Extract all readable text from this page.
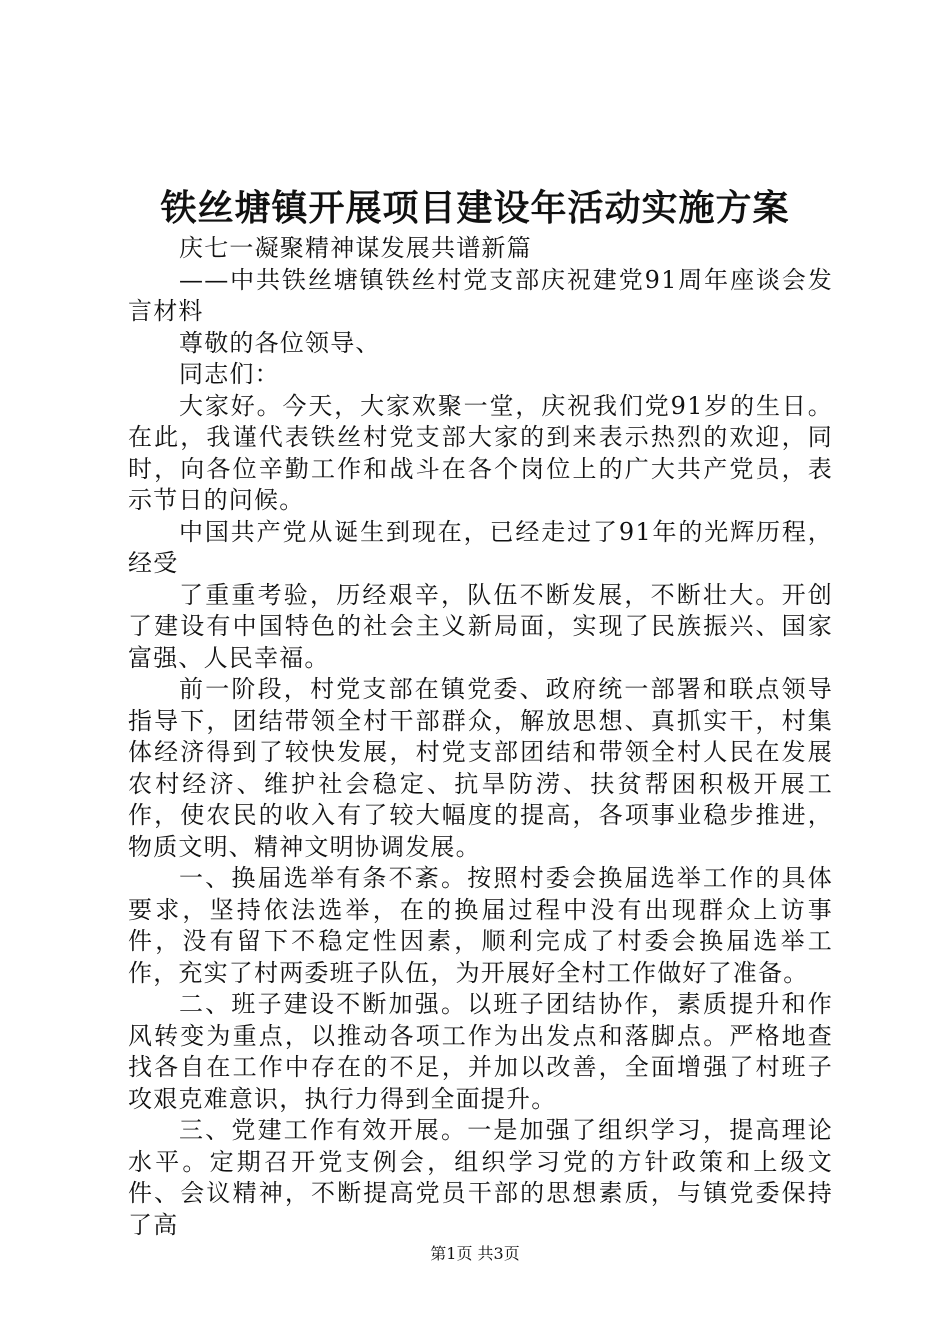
铁丝塘镇开展项目建设年活动实施方案

庆七一凝聚精神谋发展共谱新篇

——中共铁丝塘镇铁丝村党支部庆祝建党91周年座谈会发言材料

尊敬的各位领导、

同志们：

大家好。今天，大家欢聚一堂，庆祝我们党91岁的生日。在此，我谨代表铁丝村党支部大家的到来表示热烈的欢迎，同时，向各位辛勤工作和战斗在各个岗位上的广大共产党员，表示节日的问候。

中国共产党从诞生到现在，已经走过了91年的光辉历程，经受

了重重考验，历经艰辛，队伍不断发展，不断壮大。开创了建设有中国特色的社会主义新局面，实现了民族振兴、国家富强、人民幸福。

前一阶段，村党支部在镇党委、政府统一部署和联点领导指导下，团结带领全村干部群众，解放思想、真抓实干，村集体经济得到了较快发展，村党支部团结和带领全村人民在发展农村经济、维护社会稳定、抗旱防涝、扶贫帮困积极开展工作，使农民的收入有了较大幅度的提高，各项事业稳步推进，物质文明、精神文明协调发展。

一、换届选举有条不紊。按照村委会换届选举工作的具体要求，坚持依法选举，在的换届过程中没有出现群众上访事件，没有留下不稳定性因素，顺利完成了村委会换届选举工作，充实了村两委班子队伍，为开展好全村工作做好了准备。

二、班子建设不断加强。以班子团结协作，素质提升和作风转变为重点，以推动各项工作为出发点和落脚点。严格地查找各自在工作中存在的不足，并加以改善，全面增强了村班子攻艰克难意识，执行力得到全面提升。

三、党建工作有效开展。一是加强了组织学习，提高理论水平。定期召开党支例会，组织学习党的方针政策和上级文件、会议精神，不断提高党员干部的思想素质，与镇党委保持了高

第1页 共3页
